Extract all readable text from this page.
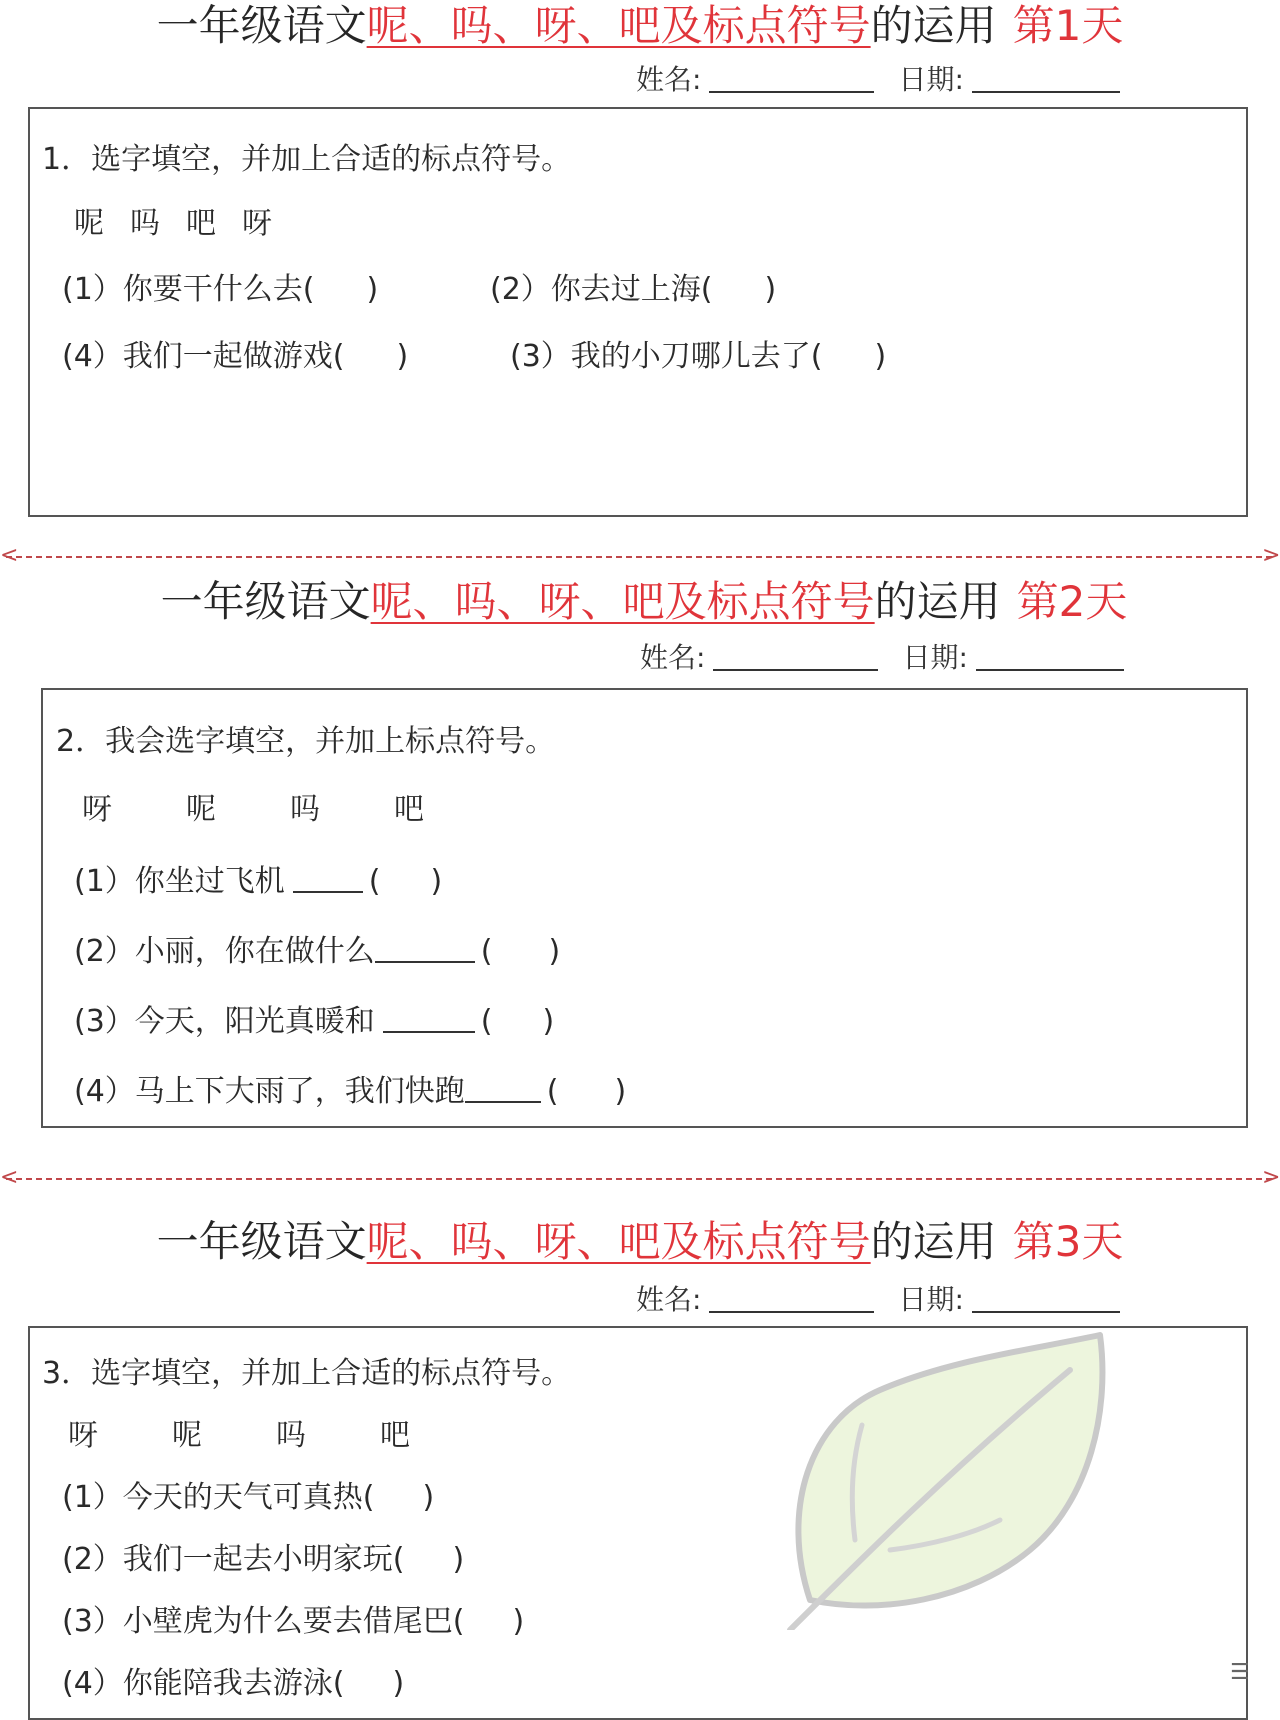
一年级语文呢、吗、呀、吧及标点符号的运用 第1天
姓名:	日期:
1．选字填空，并加上合适的标点符号。
呢 吗 吧 呀
(1）你要干什么去( )	(2）你去过上海( )
(4）我们一起做游戏( )	(3）我的小刀哪儿去了( )
<	>
一年级语文呢、吗、呀、吧及标点符号的运用 第2天
姓名:	日期:
2．我会选字填空，并加上标点符号。
呀 呢 吗 吧
(1）你坐过飞机	( )
(2）小丽，你在做什么	( )
(3）今天，阳光真暖和	( )
(4）马上下大雨了，我们快跑	( )
<	>
一年级语文呢、吗、呀、吧及标点符号的运用 第3天
姓名:	日期:
3．选字填空，并加上合适的标点符号。
呀 呢 吗 吧
(1）今天的天气可真热( )
(2）我们一起去小明家玩( )
(3）小壁虎为什么要去借尾巴( )
(4）你能陪我去游泳( )	☰
